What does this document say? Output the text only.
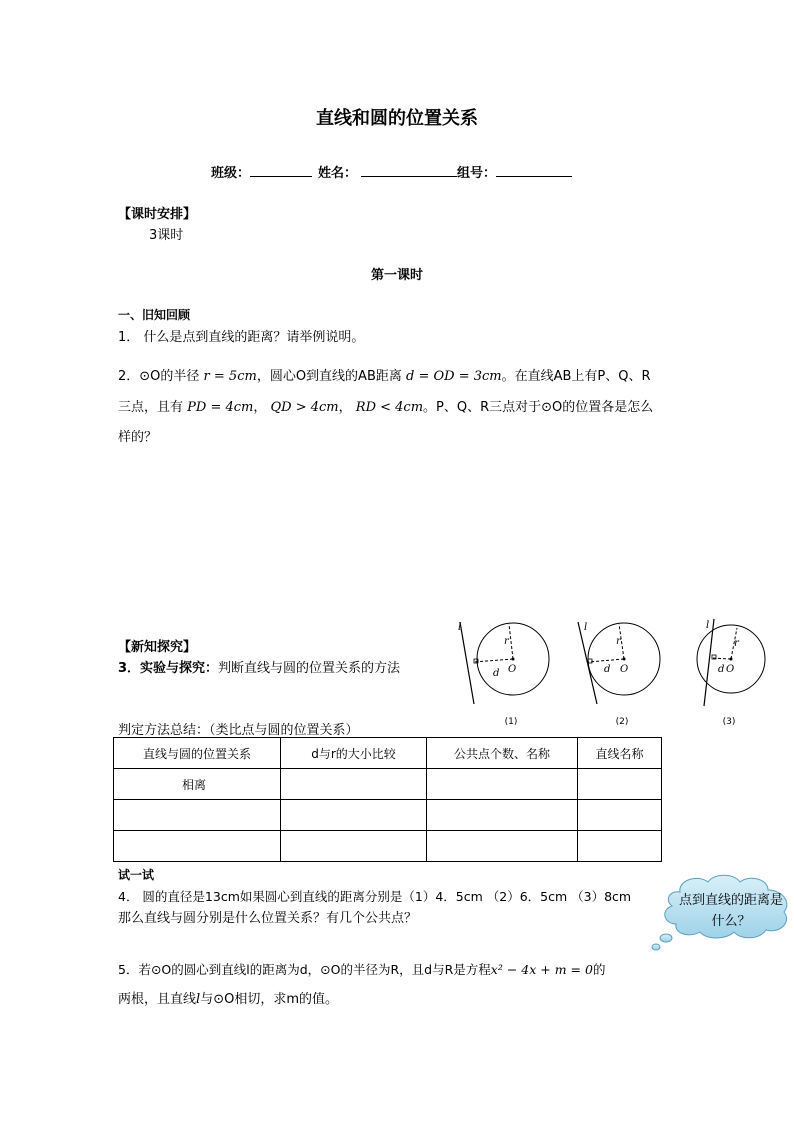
直线和圆的位置关系
班级：	姓名：	组号：
【课时安排】
3课时
第一课时
一、旧知回顾
1． 什么是点到直线的距离？请举例说明。
2．⊙O的半径 r = 5cm，圆心O到直线的AB距离 d = OD = 3cm。在直线AB上有P、Q、R
三点，且有 PD = 4cm， QD > 4cm， RD < 4cm。P、Q、R三点对于⊙O的位置各是怎么
样的？
【新知探究】
3．实验与探究：判断直线与圆的位置关系的方法
判定方法总结：（类比点与圆的位置关系）
l
r
d O
l
r
d O
l
r
d O
(1)	(2)	(3)
直线与圆的位置关系	d与r的大小比较	公共点个数、名称	直线名称
相离			

试一试
4． 圆的直径是13cm如果圆心到直线的距离分别是（1）4．5cm （2）6．5cm （3）8cm
那么直线与圆分别是什么位置关系？有几个公共点？
5．若⊙O的圆心到直线l的距离为d，⊙O的半径为R，且d与R是方程x² − 4x + m = 0的
两根，且直线l与⊙O相切，求m的值。
点到直线的距离是什么？
